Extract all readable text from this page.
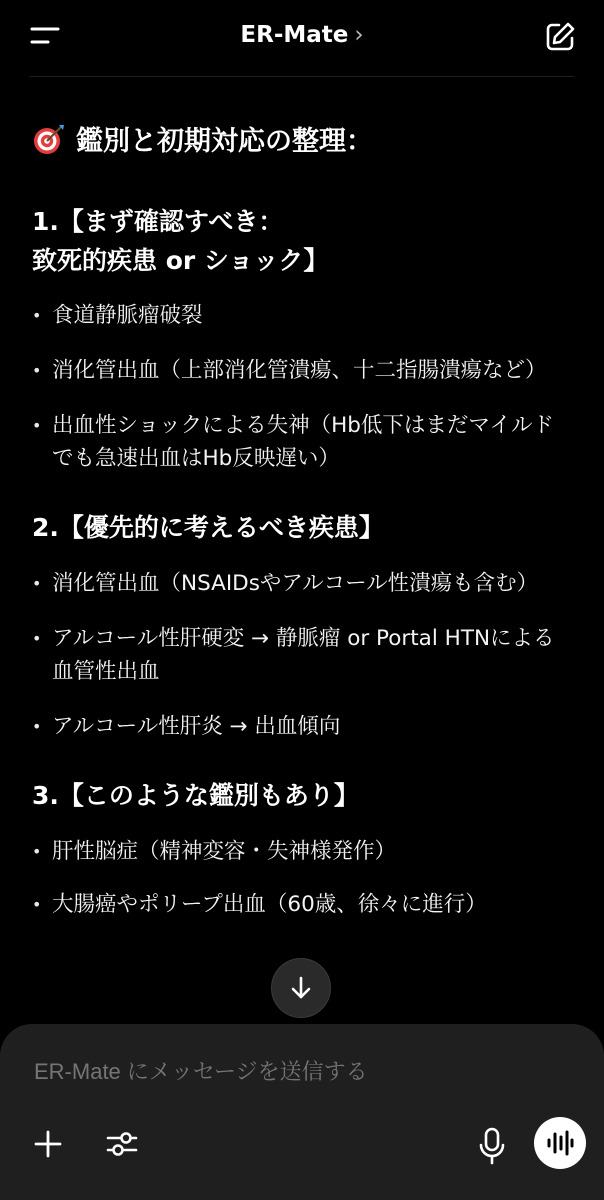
ER-Mate ›
鑑別と初期対応の整理：
1.【まず確認すべき：
致死的疾患 or ショック】
• 食道静脈瘤破裂
• 消化管出血（上部消化管潰瘍、十二指腸潰瘍など）
• 出血性ショックによる失神（Hb低下はまだマイルドでも急速出血はHb反映遅い）
2.【優先的に考えるべき疾患】
• 消化管出血（NSAIDsやアルコール性潰瘍も含む）
• アルコール性肝硬変 → 静脈瘤 or Portal HTNによる血管性出血
• アルコール性肝炎 → 出血傾向
3.【このような鑑別もあり】
• 肝性脳症（精神変容・失神様発作）
• 大腸癌やポリープ出血（60歳、徐々に進行）
ER-Mate にメッセージを送信する
